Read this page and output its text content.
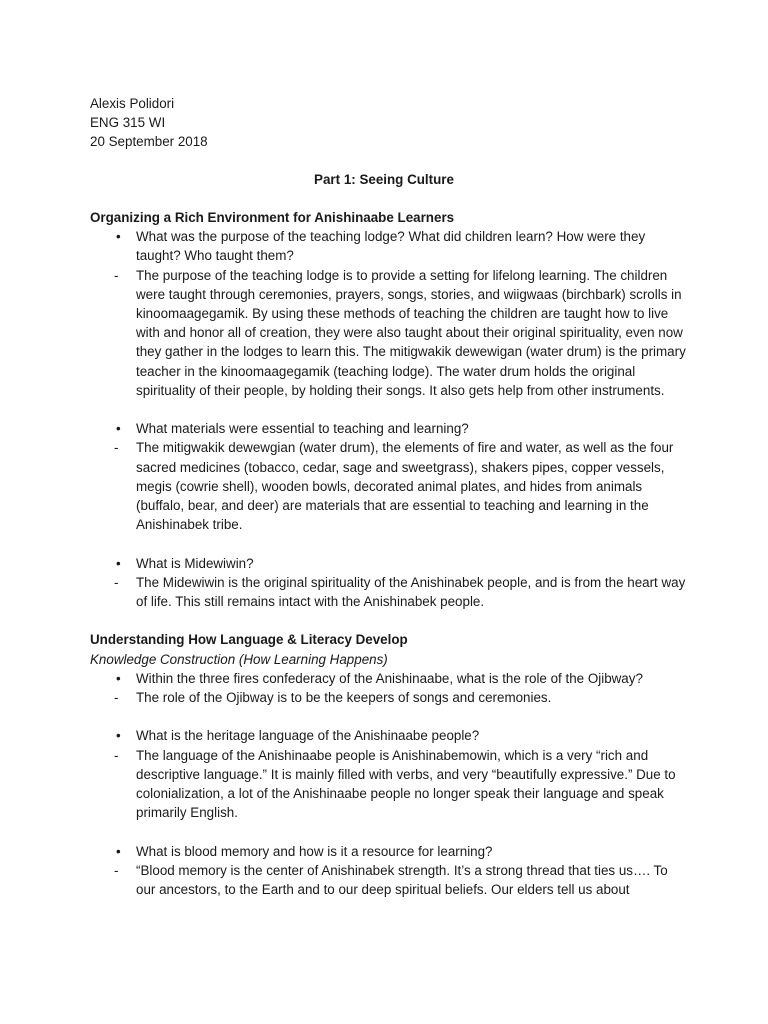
Alexis Polidori
ENG 315 WI
20 September 2018
Part 1: Seeing Culture
Organizing a Rich Environment for Anishinaabe Learners
• What was the purpose of the teaching lodge? What did children learn? How were they taught? Who taught them?
- The purpose of the teaching lodge is to provide a setting for lifelong learning. The children were taught through ceremonies, prayers, songs, stories, and wiigwaas (birchbark) scrolls in kinoomaagegamik. By using these methods of teaching the children are taught how to live with and honor all of creation, they were also taught about their original spirituality, even now they gather in the lodges to learn this. The mitigwakik dewewigan (water drum) is the primary teacher in the kinoomaagegamik (teaching lodge). The water drum holds the original spirituality of their people, by holding their songs. It also gets help from other instruments.
• What materials were essential to teaching and learning?
- The mitigwakik dewewgian (water drum), the elements of fire and water, as well as the four sacred medicines (tobacco, cedar, sage and sweetgrass), shakers pipes, copper vessels, megis (cowrie shell), wooden bowls, decorated animal plates, and hides from animals (buffalo, bear, and deer) are materials that are essential to teaching and learning in the Anishinabek tribe.
• What is Midewiwin?
- The Midewiwin is the original spirituality of the Anishinabek people, and is from the heart way of life. This still remains intact with the Anishinabek people.
Understanding How Language & Literacy Develop
Knowledge Construction (How Learning Happens)
• Within the three fires confederacy of the Anishinaabe, what is the role of the Ojibway?
- The role of the Ojibway is to be the keepers of songs and ceremonies.
• What is the heritage language of the Anishinaabe people?
- The language of the Anishinaabe people is Anishinabemowin, which is a very “rich and descriptive language.” It is mainly filled with verbs, and very “beautifully expressive.” Due to colonialization, a lot of the Anishinaabe people no longer speak their language and speak primarily English.
• What is blood memory and how is it a resource for learning?
- “Blood memory is the center of Anishinabek strength. It’s a strong thread that ties us…. To our ancestors, to the Earth and to our deep spiritual beliefs. Our elders tell us about
